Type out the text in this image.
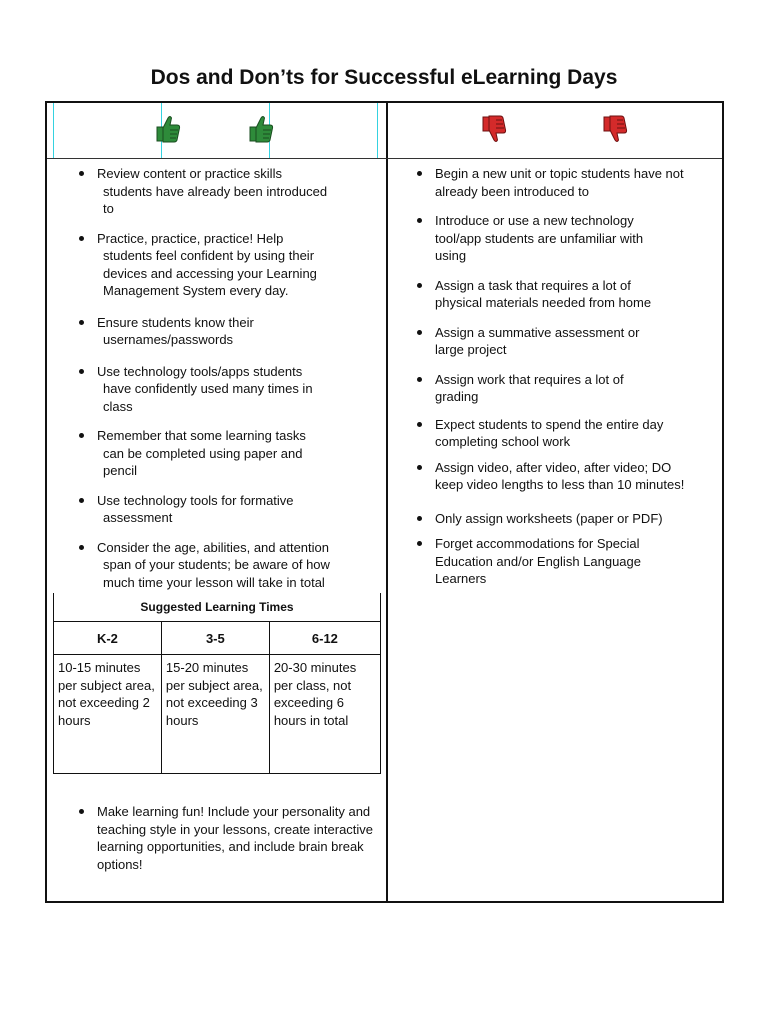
Dos and Don’ts for Successful eLearning Days
Review content or practice skills
students have already been introduced
to
Practice, practice, practice! Help
students feel confident by using their
devices and accessing your Learning
Management System every day.
Ensure students know their
usernames/passwords
Use technology tools/apps students
have confidently used many times in
class
Remember that some learning tasks
can be completed using paper and
pencil
Use technology tools for formative
assessment
Consider the age, abilities, and attention
span of your students; be aware of how
much time your lesson will take in total
Suggested Learning Times		
K-2	3-5	6-12
10-15 minutes per subject area, not exceeding 2 hours	15-20 minutes per subject area, not exceeding 3 hours	20-30 minutes per class, not exceeding 6 hours in total
Make learning fun! Include your personality and teaching style in your lessons, create interactive learning opportunities, and include brain break options!
Begin a new unit or topic students have not already been introduced to
Introduce or use a new technology tool/app students are unfamiliar with using
Assign a task that requires a lot of physical materials needed from home
Assign a summative assessment or large project
Assign work that requires a lot of grading
Expect students to spend the entire day completing school work
Assign video, after video, after video; DO keep video lengths to less than 10 minutes!
Only assign worksheets (paper or PDF)
Forget accommodations for Special Education and/or English Language Learners
